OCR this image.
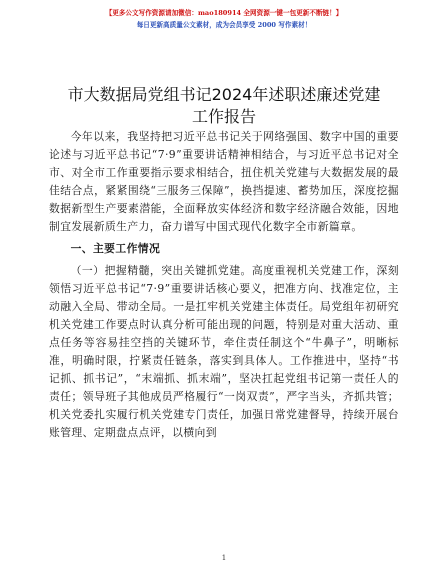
【更多公文写作资源请加微信：mao180914 全网资源一键一包更新不断链！】
每日更新高质量公文素材，成为会员享受 2000 写作素材！
市大数据局党组书记2024年述职述廉述党建工作报告

今年以来，我坚持把习近平总书记关于网络强国、数字中国的重要论述与习近平总书记“7·9”重要讲话精神相结合，与习近平总书记对全市、对全市工作重要指示要求相结合，扭住机关党建与大数据发展的最佳结合点，紧紧围绕“三服务三保障”，换挡提速、蓄势加压，深度挖掘数据新型生产要素潜能，全面释放实体经济和数字经济融合效能，因地制宜发展新质生产力，奋力谱写中国式现代化数字全市新篇章。

一、主要工作情况

（一）把握精髓，突出关键抓党建。高度重视机关党建工作，深刻领悟习近平总书记“7·9”重要讲话核心要义，把准方向、找准定位，主动融入全局、带动全局。一是扛牢机关党建主体责任。局党组年初研究机关党建工作要点时认真分析可能出现的问题，特别是对重大活动、重点任务等容易挂空挡的关键环节，牵住责任制这个“牛鼻子”，明晰标准，明确时限，拧紧责任链条，落实到具体人。工作推进中，坚持“书记抓、抓书记”，“末端抓、抓末端”，坚决扛起党组书记第一责任人的责任；领导班子其他成员严格履行“一岗双责”，严字当头，齐抓共管；机关党委扎实履行机关党建专门责任，加强日常党建督导，持续开展台账管理、定期盘点点评，以横向到

1
